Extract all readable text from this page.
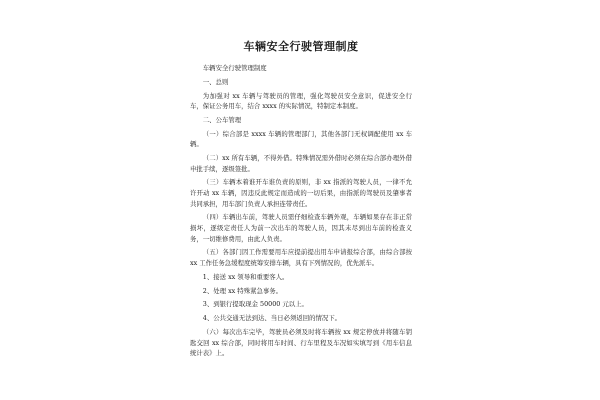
车辆安全行驶管理制度
车辆安全行驶管理制度
一、总则
为加强对 xx 车辆与驾驶员的管理，强化驾驶员安全意识，促进安全行车，保证公务用车，结合 xxxx 的实际情况，特制定本制度。
二、公车管理
（一）综合部是 xxxx 车辆的管理部门，其他各部门无权调配使用 xx 车辆。
（二）xx 所有车辆，不得外借。特殊情况需外借时必须在综合部办理外借申批手续，逐级签批。
（三）车辆本着谁开车谁负责的原则，非 xx 指派的驾驶人员，一律不允许开动 xx 车辆，因违反此规定而造成的一切后果，由指派的驾驶员及肇事者共同承担，用车部门负责人承担连带责任。
（四）车辆出车前，驾驶人员需仔细检查车辆外观，车辆如果存在非正常损坏，逐级定责任人为前一次出车的驾驶人员，因其未尽到出车前的检查义务，一切维修费用，由此人负责。
（五）各部门因工作需要用车应提前提出用车申请报综合部，由综合部按 xx 工作任务急缓程度统筹安排车辆，具有下列情况的，优先派车。
1、接送 xx 领导和重要客人。
2、处理 xx 特殊紧急事务。
3、到银行提取现金 50000 元以上。
4、公共交通无法到达、当日必须返回的情况下。
（六）每次出车完毕，驾驶员必须及时将车辆按 xx 规定停放并将随车钥匙交回 xx 综合部，同时将用车时间、行车里程及车况如实填写到《用车信息统计表》上。
